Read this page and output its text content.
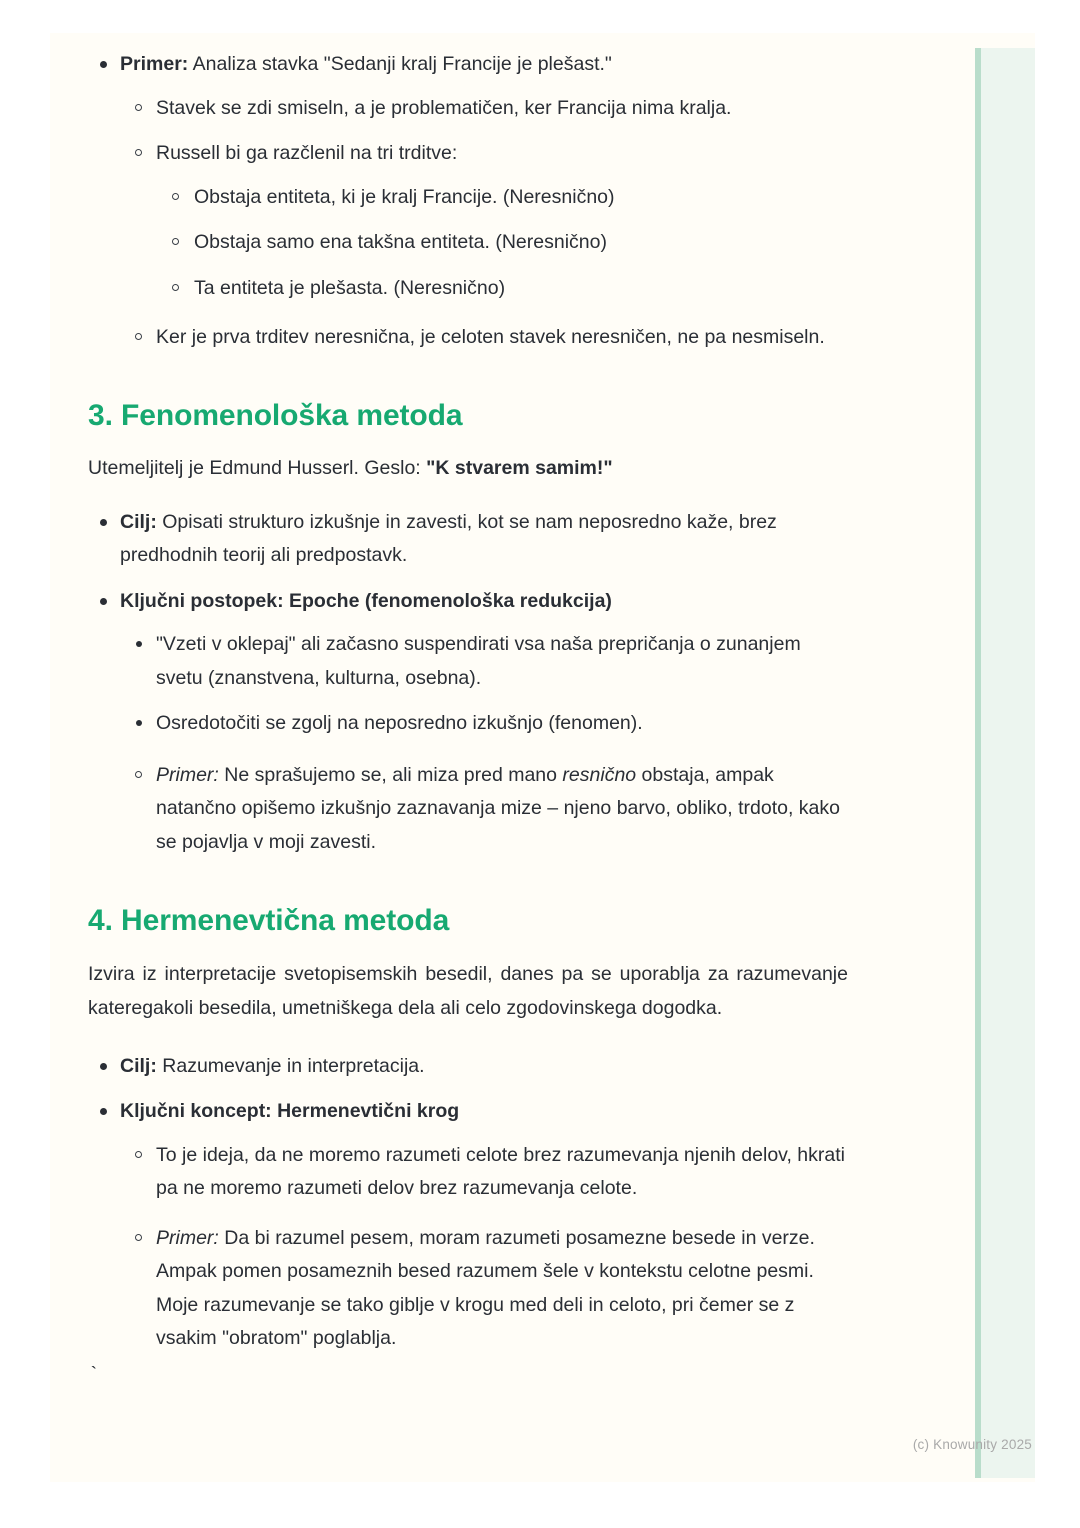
Primer: Analiza stavka "Sedanji kralj Francije je plešast."
Stavek se zdi smiseln, a je problematičen, ker Francija nima kralja.
Russell bi ga razčlenil na tri trditve:
Obstaja entiteta, ki je kralj Francije. (Neresnično)
Obstaja samo ena takšna entiteta. (Neresnično)
Ta entiteta je plešasta. (Neresnično)
Ker je prva trditev neresnična, je celoten stavek neresničen, ne pa nesmiseln.
3. Fenomenološka metoda

Utemeljitelj je Edmund Husserl. Geslo: "K stvarem samim!"

Cilj: Opisati strukturo izkušnje in zavesti, kot se nam neposredno kaže, brez predhodnih teorij ali predpostavk.
Ključni postopek: Epoche (fenomenološka redukcija)
"Vzeti v oklepaj" ali začasno suspendirati vsa naša prepričanja o zunanjem svetu (znanstvena, kulturna, osebna).
Osredotočiti se zgolj na neposredno izkušnjo (fenomen).
Primer: Ne sprašujemo se, ali miza pred mano resnično obstaja, ampak natančno opišemo izkušnjo zaznavanja mize – njeno barvo, obliko, trdoto, kako se pojavlja v moji zavesti.
4. Hermenevtična metoda

Izvira iz interpretacije svetopisemskih besedil, danes pa se uporablja za razumevanje kateregakoli besedila, umetniškega dela ali celo zgodovinskega dogodka.

Cilj: Razumevanje in interpretacija.
Ključni koncept: Hermenevtični krog
To je ideja, da ne moremo razumeti celote brez razumevanja njenih delov, hkrati pa ne moremo razumeti delov brez razumevanja celote.
Primer: Da bi razumel pesem, moram razumeti posamezne besede in verze. Ampak pomen posameznih besed razumem šele v kontekstu celotne pesmi. Moje razumevanje se tako giblje v krogu med deli in celoto, pri čemer se z vsakim "obratom" poglablja.
`
(c) Knowunity 2025
